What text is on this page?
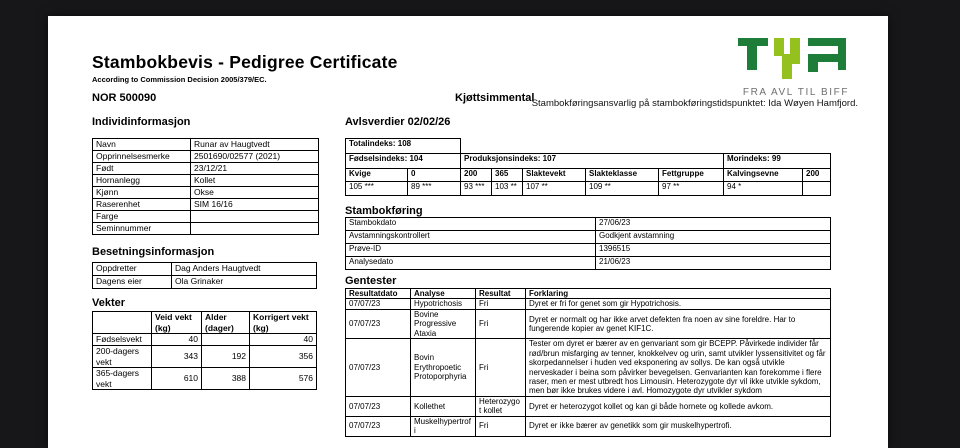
Stambokbevis - Pedigree Certificate
According to Commission Decision 2005/379/EC.
NOR 500090	Kjøttsimmental
Stambokføringsansvarlig på stambokføringstidspunktet: Ida Wøyen Hamfjord.
FRA AVL TIL BIFF
Individinformasjon
Navn	Runar av Haugtvedt
Opprinnelsesmerke	2501690/02577 (2021)
Født	23/12/21
Hornanlegg	Kollet
Kjønn	Okse
Raserenhet	SIM 16/16
Farge	
Seminnummer	
Besetningsinformasjon
Oppdretter	Dag Anders Haugtvedt
Dagens eier	Ola Grinaker
Vekter
	Veid vekt (kg)	Alder (dager)	Korrigert vekt (kg)
Fødselsvekt	40		40
200-dagers vekt	343	192	356
365-dagers vekt	610	388	576
Avlsverdier 02/02/26
Totalindeks: 108								
Fødselsindeks: 104		Produksjonsindeks: 107					Morindeks: 99	
Kvige	0	200	365	Slaktevekt	Slakteklasse	Fettgruppe	Kalvingsevne	200
105 ***	89 ***	93 ***	103 **	107 **	109 **	97 **	94 *	
Stambokføring
Stambokdato	27/06/23
Avstamningskontrollert	Godkjent avstamning
Prøve-ID	1396515
Analysedato	21/06/23
Gentester
Resultatdato	Analyse	Resultat	Forklaring
07/07/23	Hypotrichosis	Fri	Dyret er fri for genet som gir Hypotrichosis.
07/07/23	Bovine Progressive Ataxia	Fri	Dyret er normalt og har ikke arvet defekten fra noen av sine foreldre. Har to fungerende kopier av genet KIF1C.
07/07/23	Bovin Erythropoetic Protoporphyria	Fri	Tester om dyret er bærer av en genvariant som gir BCEPP. Påvirkede individer får rød/brun misfarging av tenner, knokkelvev og urin, samt utvikler lyssensitivitet og får skorpedannelser i huden ved eksponering av sollys. De kan også utvikle nerveskader i beina som påvirker bevegelsen. Genvarianten kan forekomme i flere raser, men er mest utbredt hos Limousin. Heterozygote dyr vil ikke utvikle sykdom, men bør ikke brukes videre i avl. Homozygote dyr utvikler sykdom
07/07/23	Kollethet	Heterozygot kollet	Dyret er heterozygot kollet og kan gi både hornete og kollede avkom.
07/07/23	Muskelhypertrofi	Fri	Dyret er ikke bærer av genetikk som gir muskelhypertrofi.
